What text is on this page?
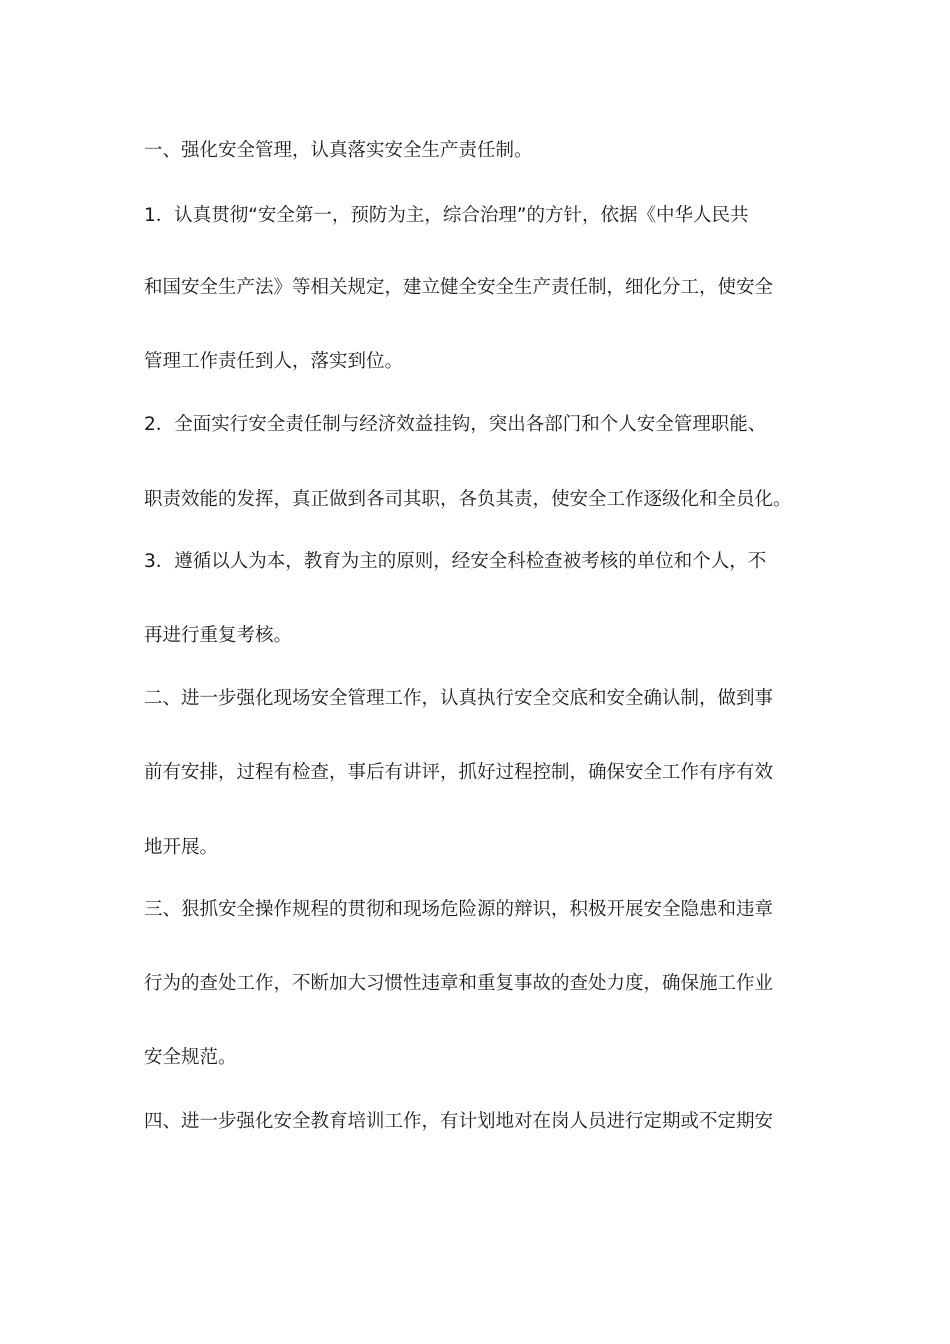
一、强化安全管理，认真落实安全生产责任制。

1．认真贯彻“安全第一，预防为主，综合治理”的方针，依据《中华人民共

和国安全生产法》等相关规定，建立健全安全生产责任制，细化分工，使安全

管理工作责任到人，落实到位。

2．全面实行安全责任制与经济效益挂钩，突出各部门和个人安全管理职能、

职责效能的发挥，真正做到各司其职，各负其责，使安全工作逐级化和全员化。

3．遵循以人为本，教育为主的原则，经安全科检查被考核的单位和个人，不

再进行重复考核。

二、进一步强化现场安全管理工作，认真执行安全交底和安全确认制，做到事

前有安排，过程有检查，事后有讲评，抓好过程控制，确保安全工作有序有效

地开展。

三、狠抓安全操作规程的贯彻和现场危险源的辩识，积极开展安全隐患和违章

行为的查处工作，不断加大习惯性违章和重复事故的查处力度，确保施工作业

安全规范。

四、进一步强化安全教育培训工作，有计划地对在岗人员进行定期或不定期安
